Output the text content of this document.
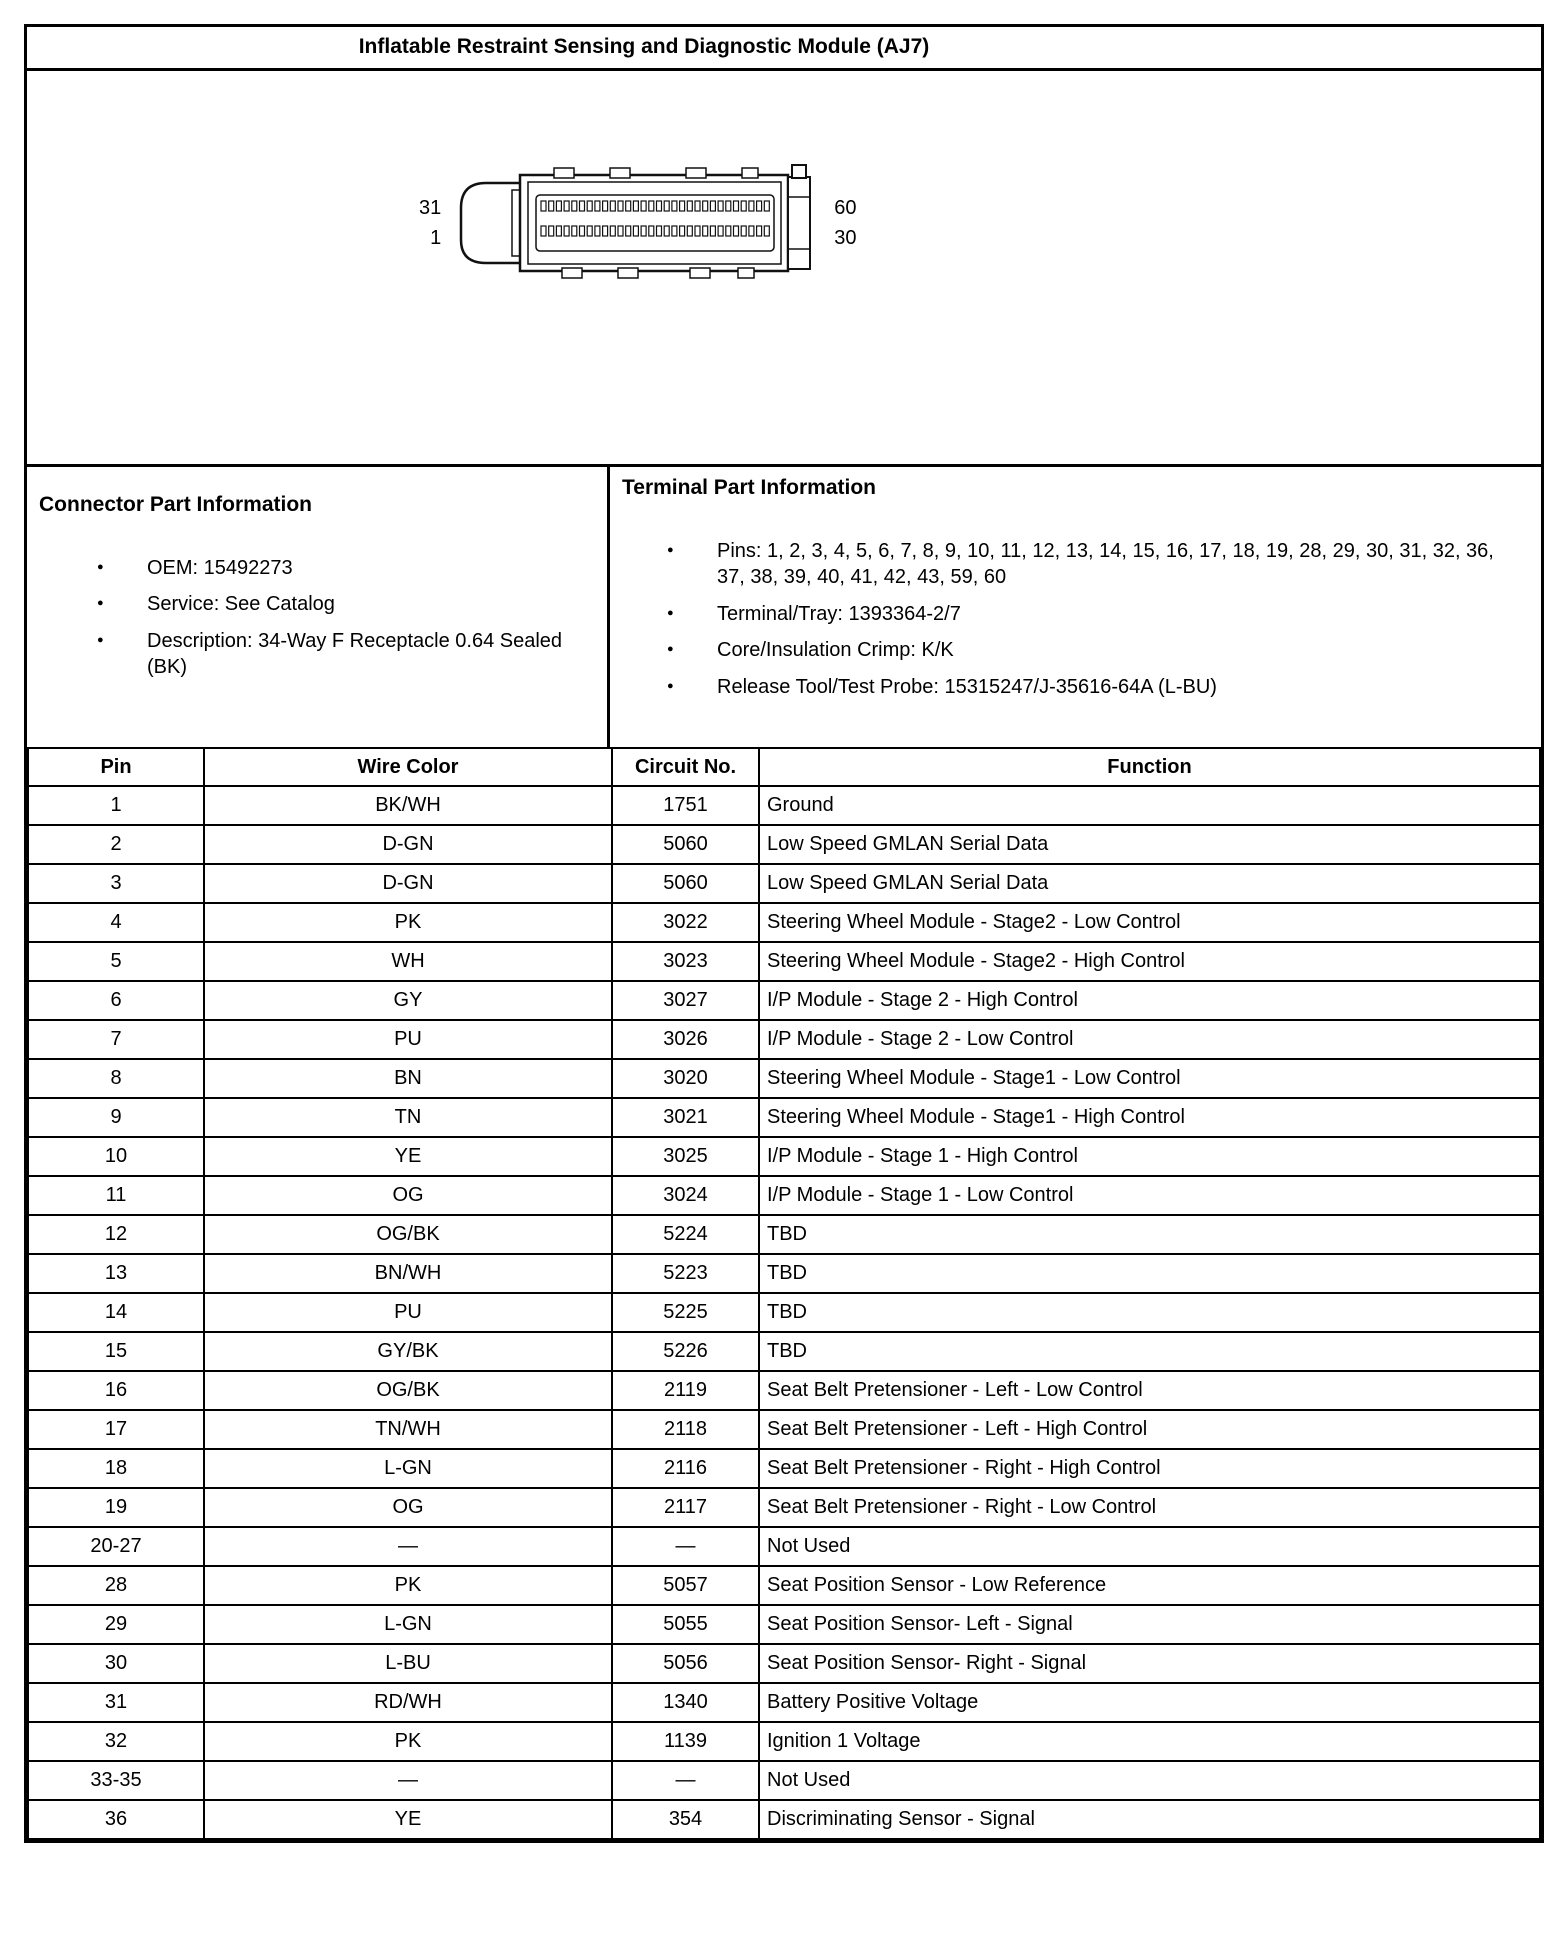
Inflatable Restraint Sensing and Diagnostic Module (AJ7)
31
1
60
30
Connector Part Information
● OEM: 15492273
● Service: See Catalog
● Description: 34-Way F Receptacle 0.64 Sealed (BK)
Terminal Part Information
● Pins: 1, 2, 3, 4, 5, 6, 7, 8, 9, 10, 11, 12, 13, 14, 15, 16, 17, 18, 19, 28, 29, 30, 31, 32, 36, 37, 38, 39, 40, 41, 42, 43, 59, 60
● Terminal/Tray: 1393364-2/7
● Core/Insulation Crimp: K/K
● Release Tool/Test Probe: 15315247/J-35616-64A (L-BU)
Pin	Wire Color	Circuit No.	Function
1	BK/WH	1751	Ground
2	D-GN	5060	Low Speed GMLAN Serial Data
3	D-GN	5060	Low Speed GMLAN Serial Data
4	PK	3022	Steering Wheel Module - Stage2 - Low Control
5	WH	3023	Steering Wheel Module - Stage2 - High Control
6	GY	3027	I/P Module - Stage 2 - High Control
7	PU	3026	I/P Module - Stage 2 - Low Control
8	BN	3020	Steering Wheel Module - Stage1 - Low Control
9	TN	3021	Steering Wheel Module - Stage1 - High Control
10	YE	3025	I/P Module - Stage 1 - High Control
11	OG	3024	I/P Module - Stage 1 - Low Control
12	OG/BK	5224	TBD
13	BN/WH	5223	TBD
14	PU	5225	TBD
15	GY/BK	5226	TBD
16	OG/BK	2119	Seat Belt Pretensioner - Left - Low Control
17	TN/WH	2118	Seat Belt Pretensioner - Left - High Control
18	L-GN	2116	Seat Belt Pretensioner - Right - High Control
19	OG	2117	Seat Belt Pretensioner - Right - Low Control
20-27	—	—	Not Used
28	PK	5057	Seat Position Sensor - Low Reference
29	L-GN	5055	Seat Position Sensor- Left - Signal
30	L-BU	5056	Seat Position Sensor- Right - Signal
31	RD/WH	1340	Battery Positive Voltage
32	PK	1139	Ignition 1 Voltage
33-35	—	—	Not Used
36	YE	354	Discriminating Sensor - Signal
